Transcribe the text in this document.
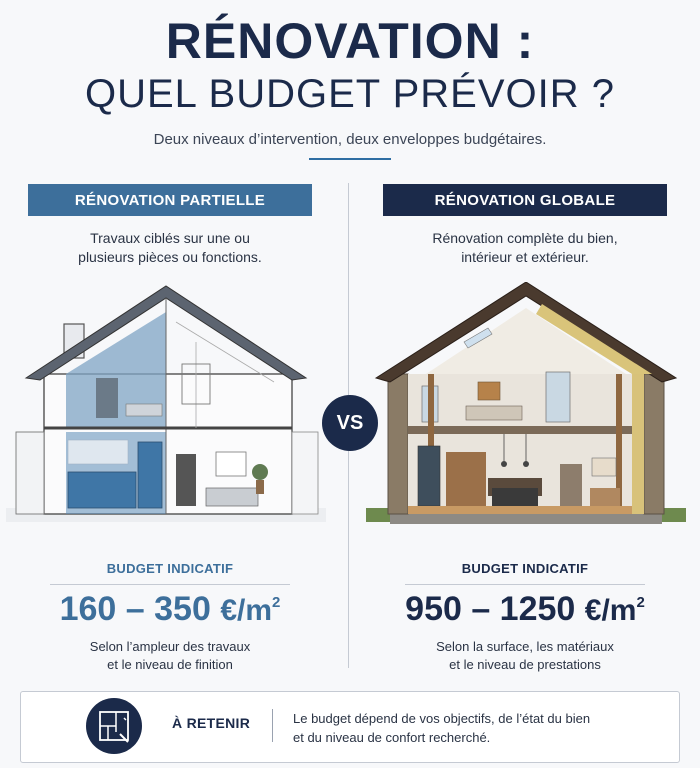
RÉNOVATION :
QUEL BUDGET PRÉVOIR ?
Deux niveaux d’intervention, deux enveloppes budgétaires.
RÉNOVATION PARTIELLE
Travaux ciblés sur une ou
plusieurs pièces ou fonctions.
BUDGET INDICATIF
160 – 350 $€/m^2$
Selon l’ampleur des travaux
et le niveau de finition
VS
RÉNOVATION GLOBALE
Rénovation complète du bien,
intérieur et extérieur.
BUDGET INDICATIF
950 – 1250 $€/m^2$
Selon la surface, les matériaux
et le niveau de prestations
À RETENIR	Le budget dépend de vos objectifs, de l’état du bien
et du niveau de confort recherché.
